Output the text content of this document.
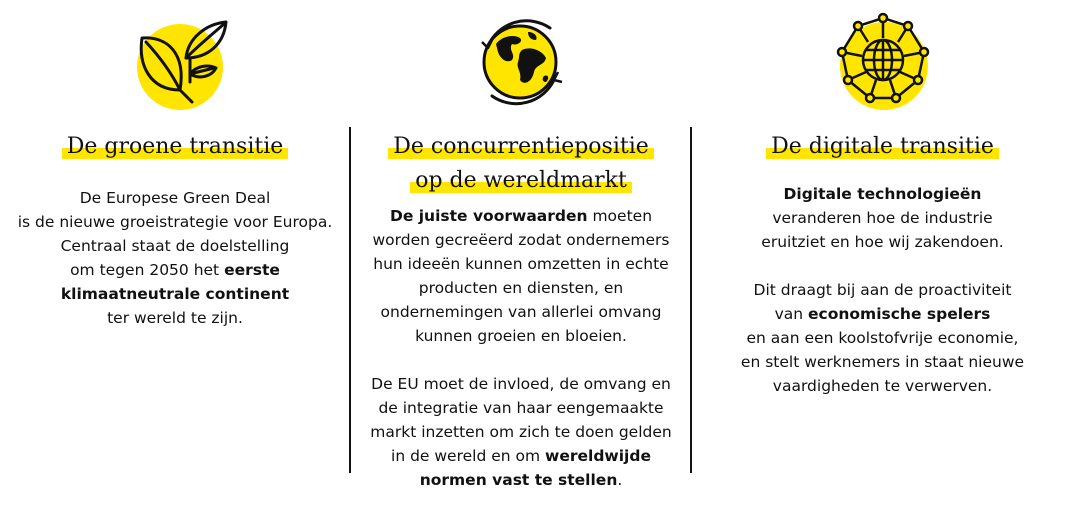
De groene transitie

De Europese Green Deal
is de nieuwe groeistrategie voor Europa.
Centraal staat de doelstelling
om tegen 2050 het eerste
klimaatneutrale continent
ter wereld te zijn.

De concurrentiepositie
op de wereldmarkt

De juiste voorwaarden moeten
worden gecreëerd zodat ondernemers
hun ideeën kunnen omzetten in echte
producten en diensten, en
ondernemingen van allerlei omvang
kunnen groeien en bloeien.

De EU moet de invloed, de omvang en
de integratie van haar eengemaakte
markt inzetten om zich te doen gelden
in de wereld en om wereldwijde
normen vast te stellen.

De digitale transitie

Digitale technologieën
veranderen hoe de industrie
eruitziet en hoe wij zakendoen.

Dit draagt bij aan de proactiviteit
van economische spelers
en aan een koolstofvrije economie,
en stelt werknemers in staat nieuwe
vaardigheden te verwerven.
